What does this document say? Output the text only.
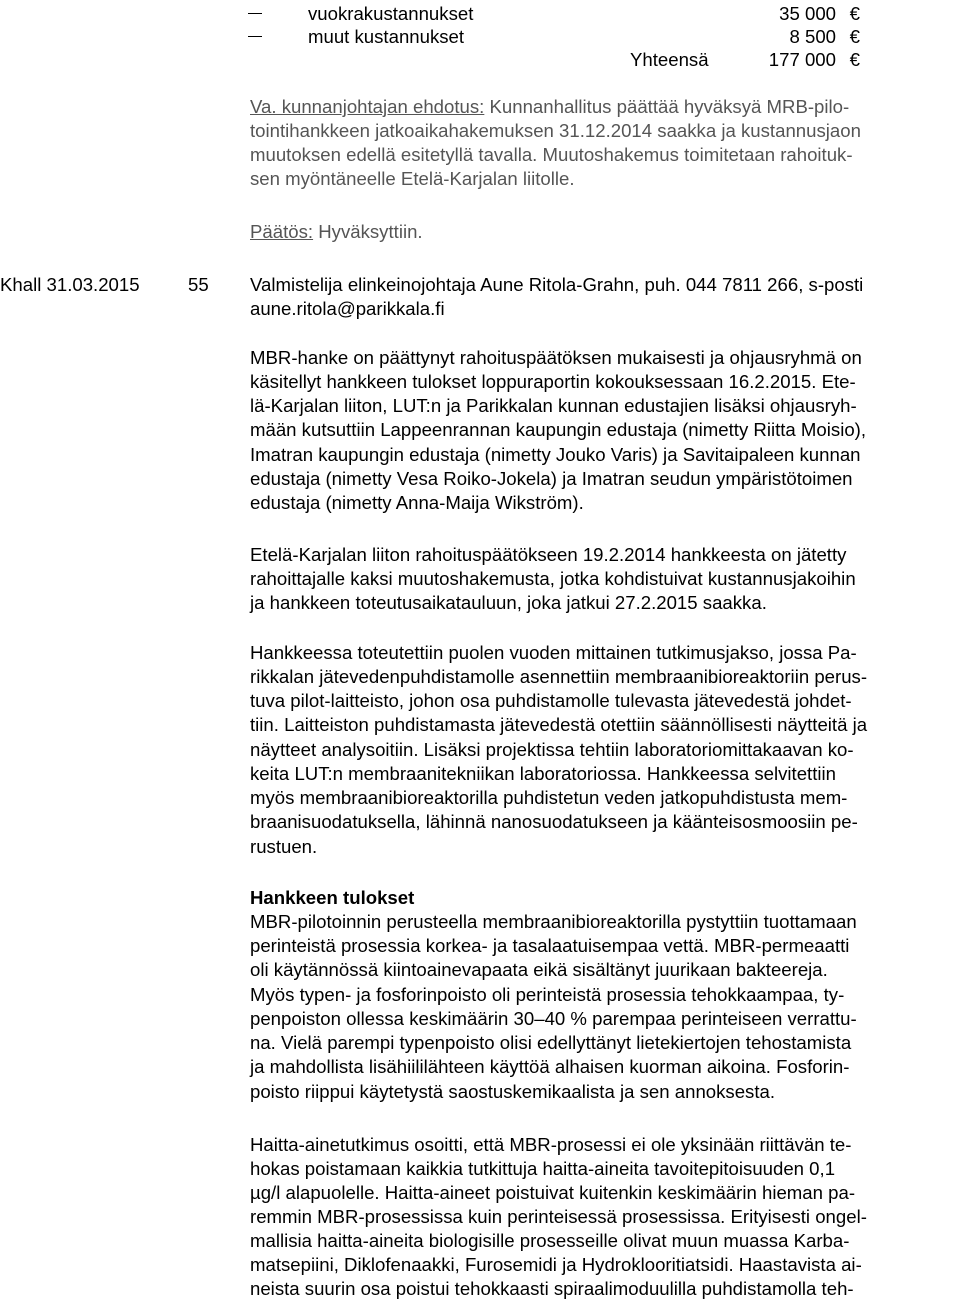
vuokrakustannukset	35 000 €
muut kustannukset	8 500 €
Yhteensä	177 000 €
Va. kunnanjohtajan ehdotus: Kunnanhallitus päättää hyväksyä MRB-pilo-
tointihankkeen jatkoaikahakemuksen 31.12.2014 saakka ja kustannusjaon
muutoksen edellä esitetyllä tavalla. Muutoshakemus toimitetaan rahoituk-
sen myöntäneelle Etelä-Karjalan liitolle.
Päätös: Hyväksyttiin.
Khall 31.03.2015	55 Valmistelija elinkeinojohtaja Aune Ritola-Grahn, puh. 044 7811 266, s-posti
aune.ritola@parikkala.fi
MBR-hanke on päättynyt rahoituspäätöksen mukaisesti ja ohjausryhmä on
käsitellyt hankkeen tulokset loppuraportin kokouksessaan 16.2.2015. Ete-
lä-Karjalan liiton, LUT:n ja Parikkalan kunnan edustajien lisäksi ohjausryh-
mään kutsuttiin Lappeenrannan kaupungin edustaja (nimetty Riitta Moisio),
Imatran kaupungin edustaja (nimetty Jouko Varis) ja Savitaipaleen kunnan
edustaja (nimetty Vesa Roiko-Jokela) ja Imatran seudun ympäristötoimen
edustaja (nimetty Anna-Maija Wikström).
Etelä-Karjalan liiton rahoituspäätökseen 19.2.2014 hankkeesta on jätetty
rahoittajalle kaksi muutoshakemusta, jotka kohdistuivat kustannusjakoihin
ja hankkeen toteutusaikatauluun, joka jatkui 27.2.2015 saakka.
Hankkeessa toteutettiin puolen vuoden mittainen tutkimusjakso, jossa Pa-
rikkalan jätevedenpuhdistamolle asennettiin membraanibioreaktoriin perus-
tuva pilot-laitteisto, johon osa puhdistamolle tulevasta jätevedestä johdet-
tiin. Laitteiston puhdistamasta jätevedestä otettiin säännöllisesti näytteitä ja
näytteet analysoitiin. Lisäksi projektissa tehtiin laboratoriomittakaavan ko-
keita LUT:n membraanitekniikan laboratoriossa. Hankkeessa selvitettiin
myös membraanibioreaktorilla puhdistetun veden jatkopuhdistusta mem-
braanisuodatuksella, lähinnä nanosuodatukseen ja käänteisosmoosiin pe-
rustuen.
Hankkeen tulokset
MBR-pilotoinnin perusteella membraanibioreaktorilla pystyttiin tuottamaan
perinteistä prosessia korkea- ja tasalaatuisempaa vettä. MBR-permeaatti
oli käytännössä kiintoainevapaata eikä sisältänyt juurikaan bakteereja.
Myös typen- ja fosforinpoisto oli perinteistä prosessia tehokkaampaa, ty-
penpoiston ollessa keskimäärin 30–40 % parempaa perinteiseen verrattu-
na. Vielä parempi typenpoisto olisi edellyttänyt lietekiertojen tehostamista
ja mahdollista lisähiililähteen käyttöä alhaisen kuorman aikoina. Fosforin-
poisto riippui käytetystä saostuskemikaalista ja sen annoksesta.
Haitta-ainetutkimus osoitti, että MBR-prosessi ei ole yksinään riittävän te-
hokas poistamaan kaikkia tutkittuja haitta-aineita tavoitepitoisuuden 0,1
µg/l alapuolelle. Haitta-aineet poistuivat kuitenkin keskimäärin hieman pa-
remmin MBR-prosessissa kuin perinteisessä prosessissa. Erityisesti ongel-
mallisia haitta-aineita biologisille prosesseille olivat muun muassa Karba-
matsepiini, Diklofenaakki, Furosemidi ja Hydroklooritiatsidi. Haastavista ai-
neista suurin osa poistui tehokkaasti spiraalimoduulilla puhdistamolla teh-
